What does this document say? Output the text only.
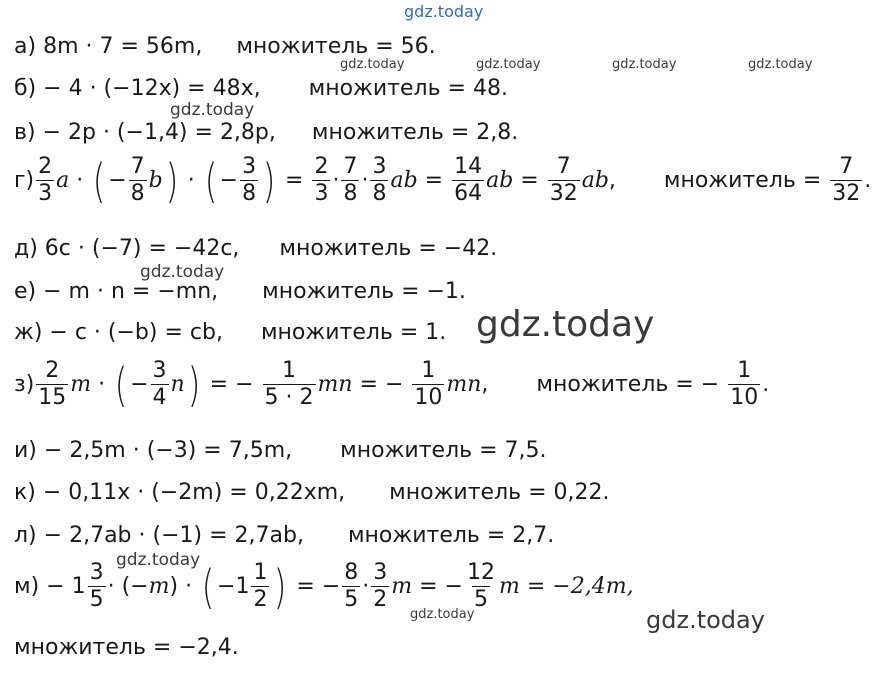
gdz.today
gdz.today	gdz.today	gdz.today	gdz.today
gdz.today
gdz.today
gdz.today
gdz.today
gdz.today	gdz.today
а)
8m · 7 = 56m, множитель = 56.
б)
− 4 · (−12x) = 48x, множитель = 48.
в)
− 2p · (−1,4) = 2,8p, множитель = 2,8.
$г) \frac{2}{3}$ a · ( − $\frac{7}{8}$ b ) · ( − $\frac{3}{8}$ ) = $\frac{2}{3} \cdot \frac{7}{8} \cdot \frac{3}{8}$ ab = $\frac{14}{64}$ ab = $\frac{7}{32}$ ab , множитель =
$\frac{7}{32}$ .
д)
6c · (−7) = −42c, множитель = −42.
е)
− m · n = −mn, множитель = −1.
ж)
− c · (−b) = cb, множитель = 1.
$з) \frac{2}{15}$ m · ( − $\frac{3}{4}$ n ) = − $\frac{1}{5 \cdot 2}$ mn = − $\frac{1}{10}$ mn , множитель = −
$\frac{1}{10}$ .
и)
− 2,5m · (−3) = 7,5m, множитель = 7,5.
к)
− 0,11x · (−2m) = 0,22xm, множитель = 0,22.
л)
− 2,7ab · (−1) = 2,7ab, множитель = 2,7.
$м) - 1 \frac{3}{5}$ · (− m ) · ( − $1 \frac{1}{2}$ ) = − $\frac{8}{5} \cdot \frac{3}{2}$ m = − $\frac{12}{5}$ m = −2,4m,
множитель = −2,4.
